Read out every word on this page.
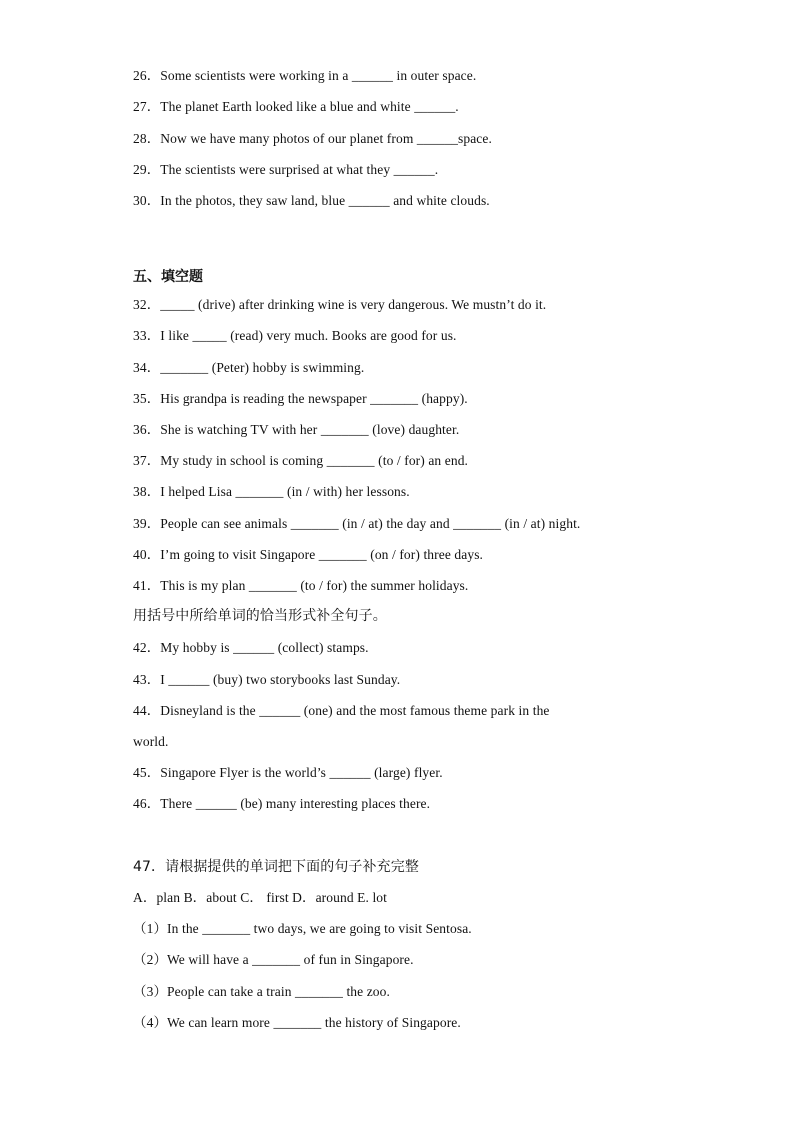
26．Some scientists were working in a ______ in outer space.
27．The planet Earth looked like a blue and white ______.
28．Now we have many photos of our planet from ______space.
29．The scientists were surprised at what they ______.
30．In the photos, they saw land, blue ______ and white clouds.
五、填空题
32．_____ (drive) after drinking wine is very dangerous. We mustn’t do it.
33．I like _____ (read) very much. Books are good for us.
34．_______ (Peter) hobby is swimming.
35．His grandpa is reading the newspaper _______ (happy).
36．She is watching TV with her _______ (love) daughter.
37．My study in school is coming _______ (to / for) an end.
38．I helped Lisa _______ (in / with) her lessons.
39．People can see animals _______ (in / at) the day and _______ (in / at) night.
40．I’m going to visit Singapore _______ (on / for) three days.
41．This is my plan _______ (to / for) the summer holidays.
用括号中所给单词的恰当形式补全句子。
42．My hobby is ______ (collect) stamps.
43．I ______ (buy) two storybooks last Sunday.
44．Disneyland is the ______ (one) and the most famous theme park in the
world.
45．Singapore Flyer is the world’s ______ (large) flyer.
46．There ______ (be) many interesting places there.
47．请根据提供的单词把下面的句子补充完整
A．plan B．about C． first D．around E. lot
（1）In the _______ two days, we are going to visit Sentosa.
（2）We will have a _______ of fun in Singapore.
（3）People can take a train _______ the zoo.
（4）We can learn more _______ the history of Singapore.
